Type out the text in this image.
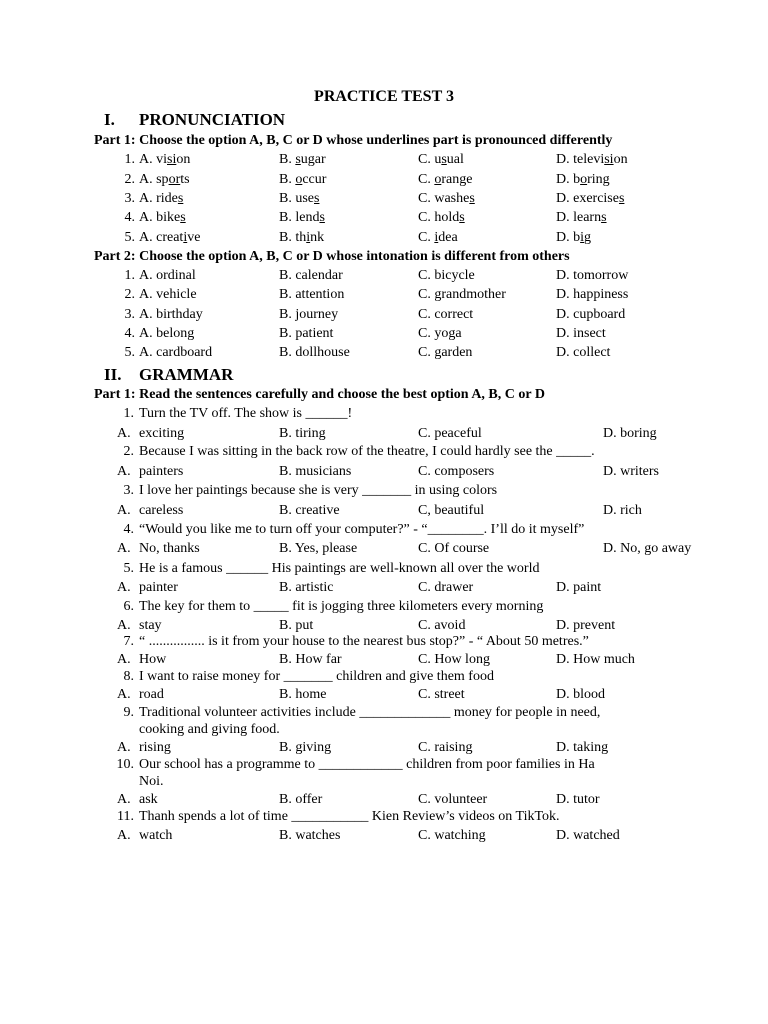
PRACTICE TEST 3
I. PRONUNCIATION
Part 1: Choose the option A, B, C or D whose underlines part is pronounced differently
1. A. vision	B. sugar	C. usual	D. television
2. A. sports	B. occur	C. orange	D. boring
3. A. rides	B. uses	C. washes	D. exercises
4. A. bikes	B. lends	C. holds	D. learns
5. A. creative	B. think	C. idea	D. big
Part 2: Choose the option A, B, C or D whose intonation is different from others
1. A. ordinal	B. calendar	C. bicycle	D. tomorrow
2. A. vehicle	B. attention	C. grandmother	D. happiness
3. A. birthday	B. journey	C. correct	D. cupboard
4. A. belong	B. patient	C. yoga	D. insect
5. A. cardboard	B. dollhouse	C. garden	D. collect
II. GRAMMAR
Part 1: Read the sentences carefully and choose the best option A, B, C or D
1. Turn the TV off. The show is ______!
A. exciting	B. tiring	C. peaceful	D. boring
2. Because I was sitting in the back row of the theatre, I could hardly see the _____.
A. painters	B. musicians	C. composers	D. writers
3. I love her paintings because she is very _______ in using colors
A. careless	B. creative	C, beautiful	D. rich
4. “Would you like me to turn off your computer?” - “________. I’ll do it myself”
A. No, thanks	B. Yes, please	C. Of course	D. No, go away
5. He is a famous ______ His paintings are well-known all over the world
A. painter	B. artistic	C. drawer	D. paint
6. The key for them to _____ fit is jogging three kilometers every morning
A. stay	B. put	C. avoid	D. prevent
7. “ ................ is it from your house to the nearest bus stop?” - “ About 50 metres.”
A. How	B. How far	C. How long	D. How much
8. I want to raise money for _______ children and give them food
A. road	B. home	C. street	D. blood
9. Traditional volunteer activities include _____________ money for people in need,
cooking and giving food.
A. rising	B. giving	C. raising	D. taking
10. Our school has a programme to ____________ children from poor families in Ha
Noi.
A. ask	B. offer	C. volunteer	D. tutor
11. Thanh spends a lot of time ___________ Kien Review’s videos on TikTok.
A. watch	B. watches	C. watching	D. watched
